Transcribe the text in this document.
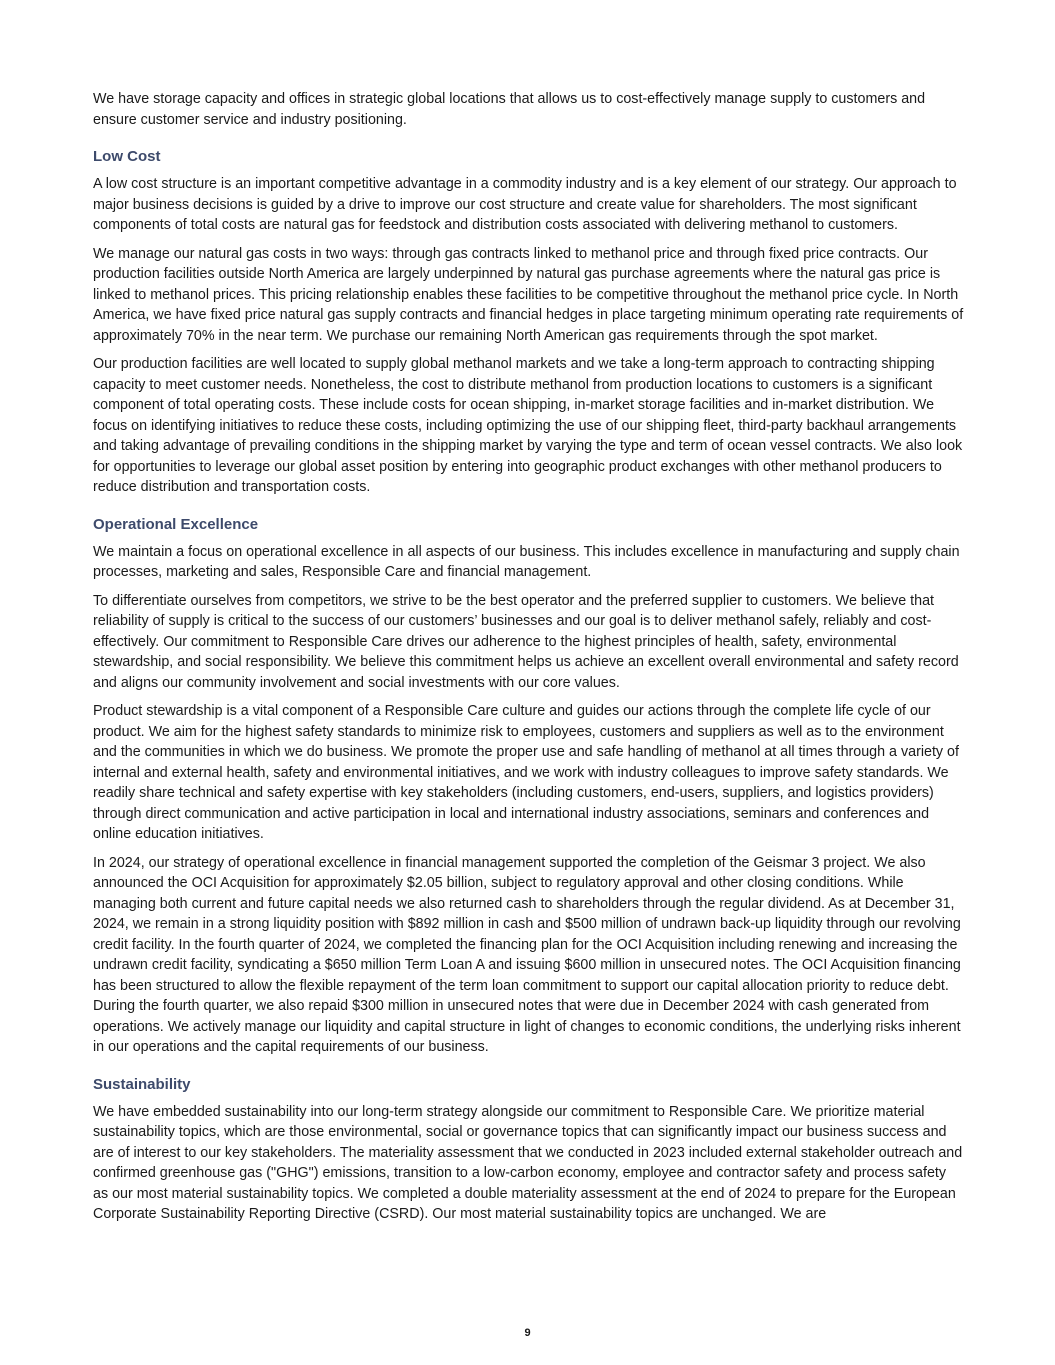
We have storage capacity and offices in strategic global locations that allows us to cost-effectively manage supply to customers and ensure customer service and industry positioning.

Low Cost

A low cost structure is an important competitive advantage in a commodity industry and is a key element of our strategy. Our approach to major business decisions is guided by a drive to improve our cost structure and create value for shareholders. The most significant components of total costs are natural gas for feedstock and distribution costs associated with delivering methanol to customers.

We manage our natural gas costs in two ways: through gas contracts linked to methanol price and through fixed price contracts. Our production facilities outside North America are largely underpinned by natural gas purchase agreements where the natural gas price is linked to methanol prices. This pricing relationship enables these facilities to be competitive throughout the methanol price cycle. In North America, we have fixed price natural gas supply contracts and financial hedges in place targeting minimum operating rate requirements of approximately 70% in the near term. We purchase our remaining North American gas requirements through the spot market.

Our production facilities are well located to supply global methanol markets and we take a long-term approach to contracting shipping capacity to meet customer needs. Nonetheless, the cost to distribute methanol from production locations to customers is a significant component of total operating costs. These include costs for ocean shipping, in-market storage facilities and in-market distribution. We focus on identifying initiatives to reduce these costs, including optimizing the use of our shipping fleet, third-party backhaul arrangements and taking advantage of prevailing conditions in the shipping market by varying the type and term of ocean vessel contracts. We also look for opportunities to leverage our global asset position by entering into geographic product exchanges with other methanol producers to reduce distribution and transportation costs.

Operational Excellence

We maintain a focus on operational excellence in all aspects of our business. This includes excellence in manufacturing and supply chain processes, marketing and sales, Responsible Care and financial management.

To differentiate ourselves from competitors, we strive to be the best operator and the preferred supplier to customers. We believe that reliability of supply is critical to the success of our customers’ businesses and our goal is to deliver methanol safely, reliably and cost-effectively. Our commitment to Responsible Care drives our adherence to the highest principles of health, safety, environmental stewardship, and social responsibility. We believe this commitment helps us achieve an excellent overall environmental and safety record and aligns our community involvement and social investments with our core values.

Product stewardship is a vital component of a Responsible Care culture and guides our actions through the complete life cycle of our product. We aim for the highest safety standards to minimize risk to employees, customers and suppliers as well as to the environment and the communities in which we do business. We promote the proper use and safe handling of methanol at all times through a variety of internal and external health, safety and environmental initiatives, and we work with industry colleagues to improve safety standards. We readily share technical and safety expertise with key stakeholders (including customers, end-users, suppliers, and logistics providers) through direct communication and active participation in local and international industry associations, seminars and conferences and online education initiatives.

In 2024, our strategy of operational excellence in financial management supported the completion of the Geismar 3 project. We also announced the OCI Acquisition for approximately $2.05 billion, subject to regulatory approval and other closing conditions. While managing both current and future capital needs we also returned cash to shareholders through the regular dividend. As at December 31, 2024, we remain in a strong liquidity position with $892 million in cash and $500 million of undrawn back-up liquidity through our revolving credit facility. In the fourth quarter of 2024, we completed the financing plan for the OCI Acquisition including renewing and increasing the undrawn credit facility, syndicating a $650 million Term Loan A and issuing $600 million in unsecured notes. The OCI Acquisition financing has been structured to allow the flexible repayment of the term loan commitment to support our capital allocation priority to reduce debt. During the fourth quarter, we also repaid $300 million in unsecured notes that were due in December 2024 with cash generated from operations. We actively manage our liquidity and capital structure in light of changes to economic conditions, the underlying risks inherent in our operations and the capital requirements of our business.

Sustainability

We have embedded sustainability into our long-term strategy alongside our commitment to Responsible Care. We prioritize material sustainability topics, which are those environmental, social or governance topics that can significantly impact our business success and are of interest to our key stakeholders. The materiality assessment that we conducted in 2023 included external stakeholder outreach and confirmed greenhouse gas ("GHG") emissions, transition to a low-carbon economy, employee and contractor safety and process safety as our most material sustainability topics. We completed a double materiality assessment at the end of 2024 to prepare for the European Corporate Sustainability Reporting Directive (CSRD). Our most material sustainability topics are unchanged. We are

9
